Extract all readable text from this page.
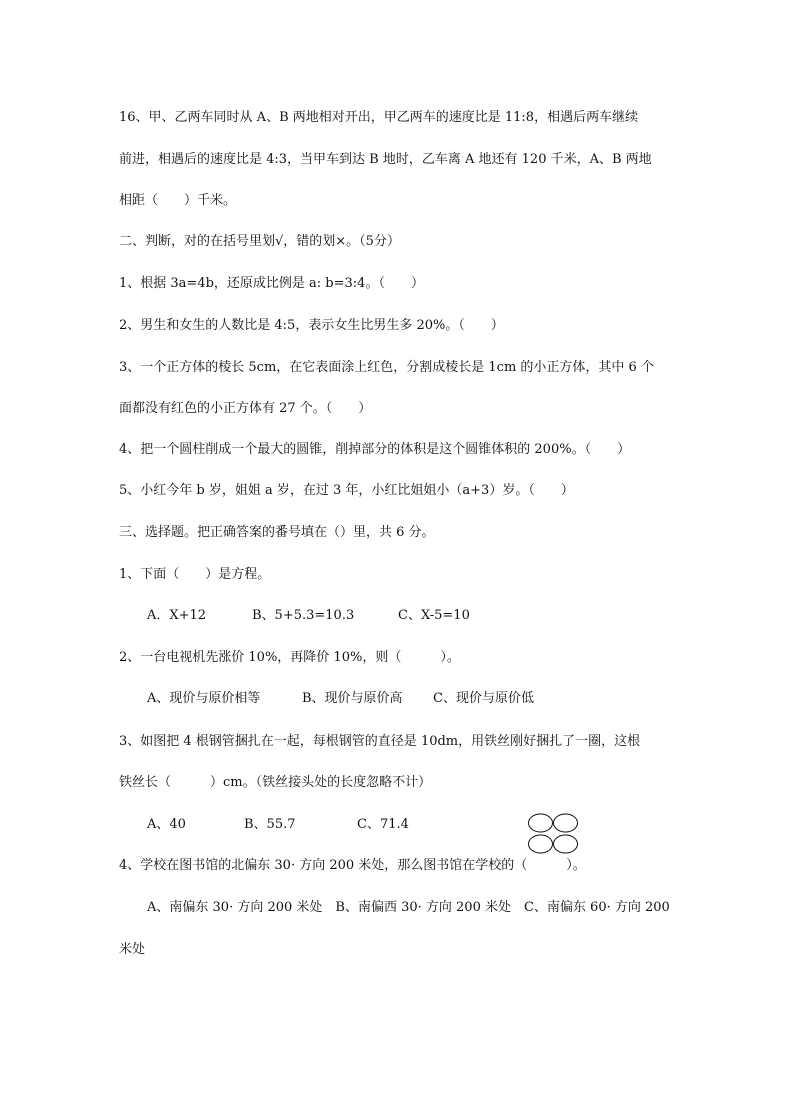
16、甲、乙两车同时从 A、B 两地相对开出，甲乙两车的速度比是 11:8，相遇后两车继续
前进，相遇后的速度比是 4:3，当甲车到达 B 地时，乙车离 A 地还有 120 千米，A、B 两地
相距（　　）千米。
二、判断，对的在括号里划√，错的划×。（5分）
1、根据 3a=4b，还原成比例是 a: b=3:4。（　　）
2、男生和女生的人数比是 4:5，表示女生比男生多 20%。（　　）
3、一个正方体的棱长 5cm，在它表面涂上红色，分割成棱长是 1cm 的小正方体，其中 6 个
面都没有红色的小正方体有 27 个。（　　）
4、把一个圆柱削成一个最大的圆锥，削掉部分的体积是这个圆锥体积的 200%。（　　）
5、小红今年 b 岁，姐姐 a 岁，在过 3 年，小红比姐姐小（a+3）岁。（　　）
三、选择题。把正确答案的番号填在（）里，共 6 分。
1、下面（　　）是方程。
A．X+12	B、5+5.3=10.3	C、X-5=10
2、一台电视机先涨价 10%，再降价 10%，则（　　　）。
A、现价与原价相等	B、现价与原价高 C、现价与原价低
3、如图把 4 根钢管捆扎在一起，每根钢管的直径是 10dm，用铁丝刚好捆扎了一圈，这根
铁丝长（　　　）cm。（铁丝接头处的长度忽略不计）
A、40	B、55.7	C、71.4
4、学校在图书馆的北偏东 30· 方向 200 米处，那么图书馆在学校的（　　　）。
A、南偏东 30· 方向 200 米处　B、南偏西 30· 方向 200 米处　C、南偏东 60· 方向 200
米处
